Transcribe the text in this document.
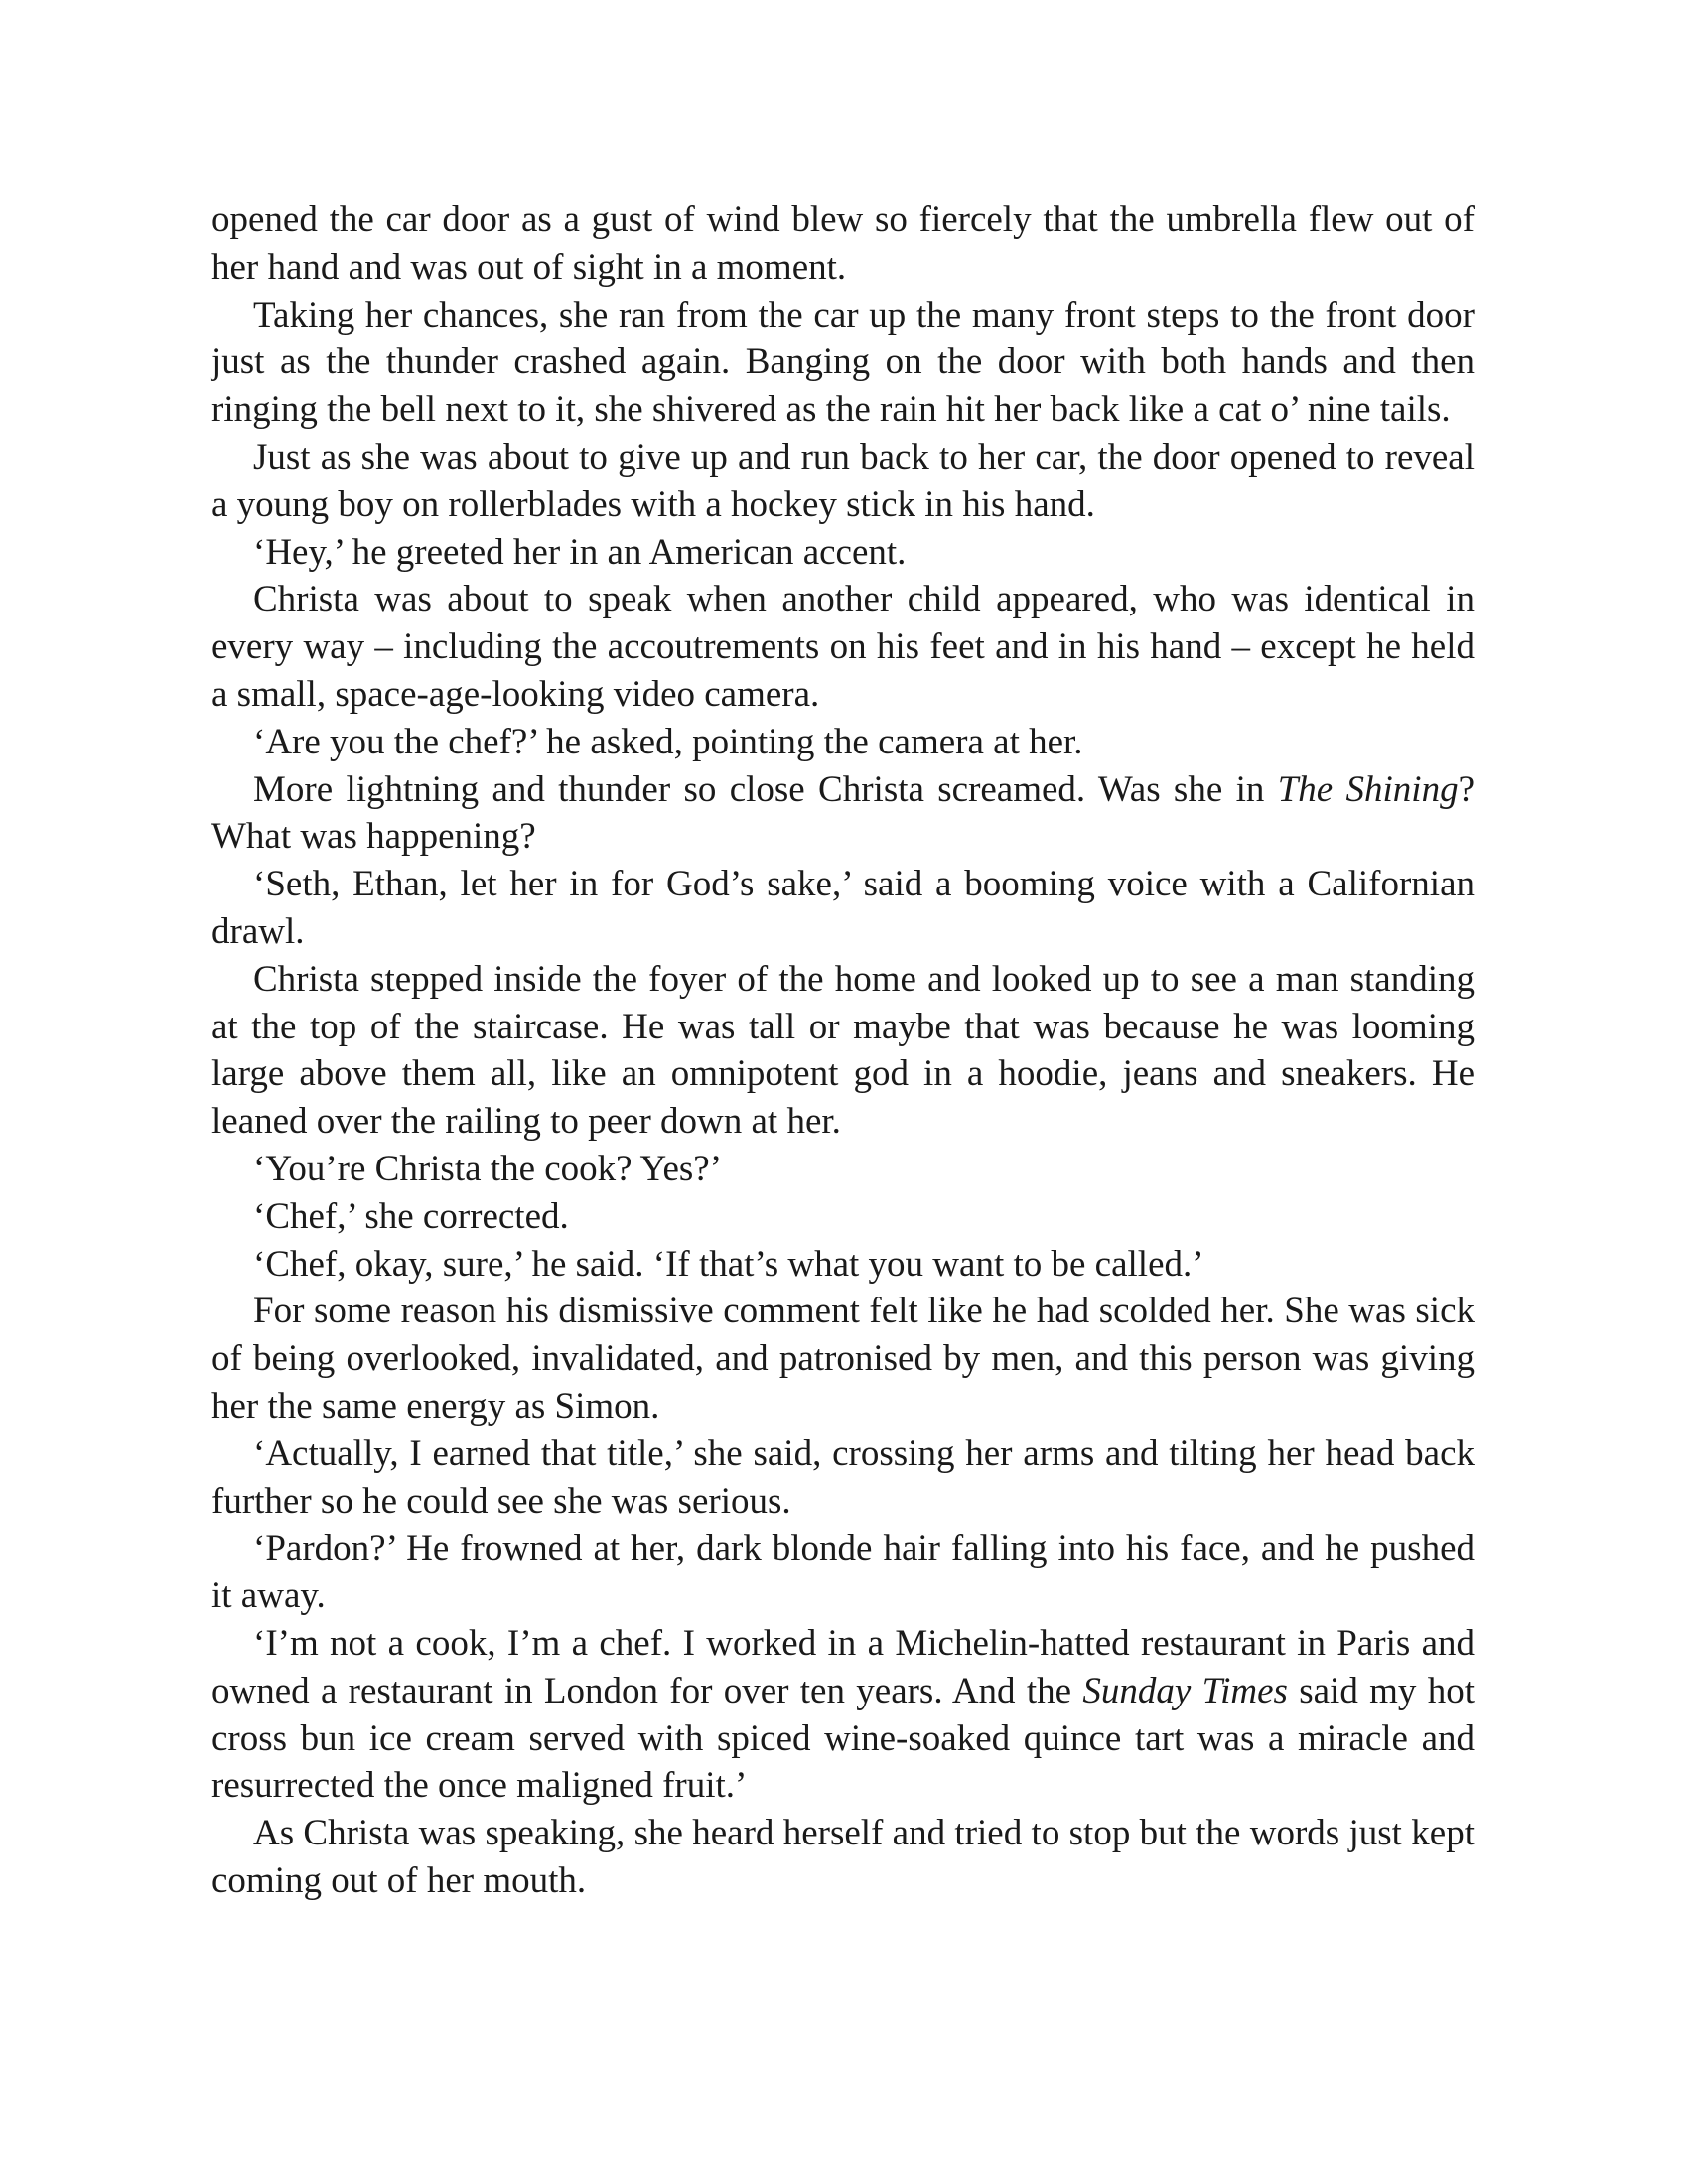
opened the car door as a gust of wind blew so fiercely that the umbrella flew out of her hand and was out of sight in a moment.

Taking her chances, she ran from the car up the many front steps to the front door just as the thunder crashed again. Banging on the door with both hands and then ringing the bell next to it, she shivered as the rain hit her back like a cat o’ nine tails.

Just as she was about to give up and run back to her car, the door opened to reveal a young boy on rollerblades with a hockey stick in his hand.

‘Hey,’ he greeted her in an American accent.

Christa was about to speak when another child appeared, who was identical in every way – including the accoutrements on his feet and in his hand – except he held a small, space-age-looking video camera.

‘Are you the chef?’ he asked, pointing the camera at her.

More lightning and thunder so close Christa screamed. Was she in The Shining? What was happening?

‘Seth, Ethan, let her in for God’s sake,’ said a booming voice with a Californian drawl.

Christa stepped inside the foyer of the home and looked up to see a man standing at the top of the staircase. He was tall or maybe that was because he was looming large above them all, like an omnipotent god in a hoodie, jeans and sneakers. He leaned over the railing to peer down at her.

‘You’re Christa the cook? Yes?’

‘Chef,’ she corrected.

‘Chef, okay, sure,’ he said. ‘If that’s what you want to be called.’

For some reason his dismissive comment felt like he had scolded her. She was sick of being overlooked, invalidated, and patronised by men, and this person was giving her the same energy as Simon.

‘Actually, I earned that title,’ she said, crossing her arms and tilting her head back further so he could see she was serious.

‘Pardon?’ He frowned at her, dark blonde hair falling into his face, and he pushed it away.

‘I’m not a cook, I’m a chef. I worked in a Michelin-hatted restaurant in Paris and owned a restaurant in London for over ten years. And the Sunday Times said my hot cross bun ice cream served with spiced wine-soaked quince tart was a miracle and resurrected the once maligned fruit.’

As Christa was speaking, she heard herself and tried to stop but the words just kept coming out of her mouth.
